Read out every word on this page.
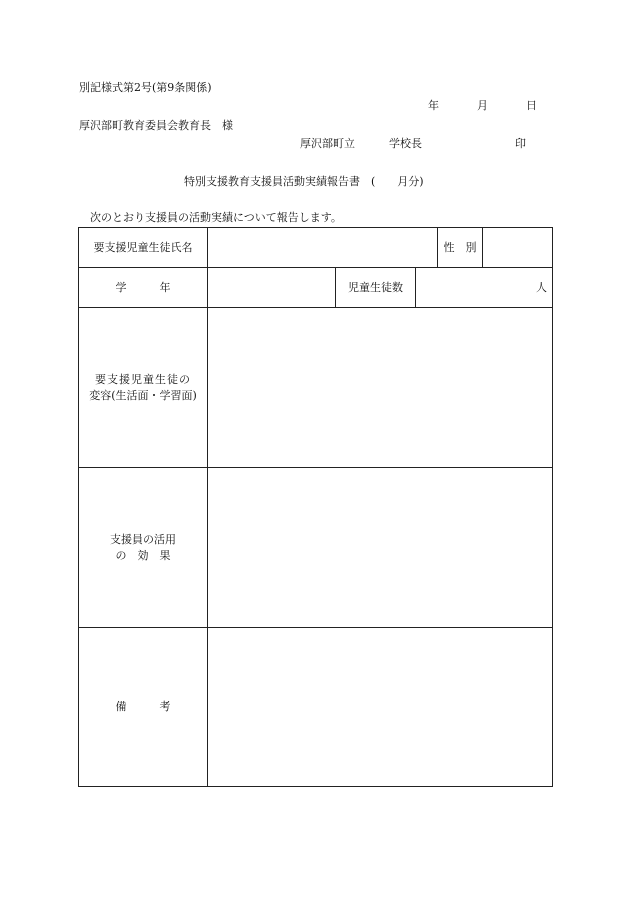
別記様式第2号(第9条関係)
年	月	日
厚沢部町教育委員会教育長　様
厚沢部町立	学校長	印
特別支援教育支援員活動実績報告書　(　　月分)
次のとおり支援員の活動実績について報告します。
要支援児童生徒氏名				性　別	
学　　　年		児童生徒数	人		

要支援児童生徒の
変容(生活面・学習面)					

支援員の活用
の　効　果					

備　　　考					
